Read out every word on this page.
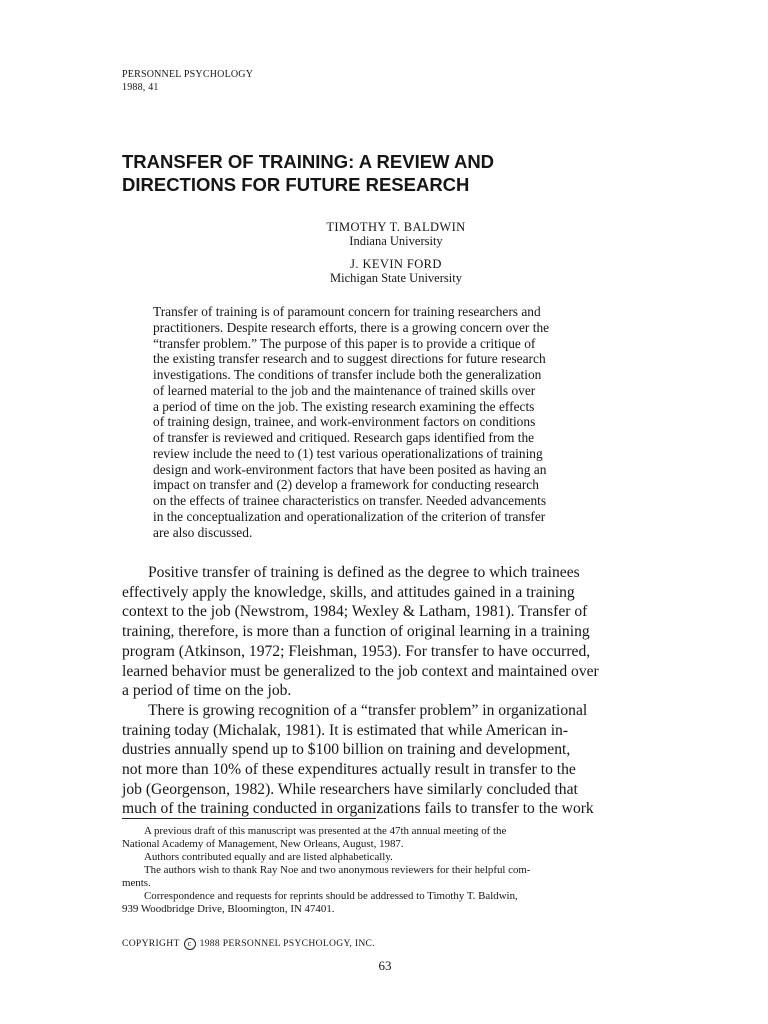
PERSONNEL PSYCHOLOGY
1988, 41
TRANSFER OF TRAINING: A REVIEW AND
DIRECTIONS FOR FUTURE RESEARCH
TIMOTHY T. BALDWIN
Indiana University
J. KEVIN FORD
Michigan State University

Transfer of training is of paramount concern for training researchers and
practitioners. Despite research efforts, there is a growing concern over the
“transfer problem.” The purpose of this paper is to provide a critique of
the existing transfer research and to suggest directions for future research
investigations. The conditions of transfer include both the generalization
of learned material to the job and the maintenance of trained skills over
a period of time on the job. The existing research examining the effects
of training design, trainee, and work-environment factors on conditions
of transfer is reviewed and critiqued. Research gaps identified from the
review include the need to (1) test various operationalizations of training
design and work-environment factors that have been posited as having an
impact on transfer and (2) develop a framework for conducting research
on the effects of trainee characteristics on transfer. Needed advancements
in the conceptualization and operationalization of the criterion of transfer
are also discussed.

Positive transfer of training is defined as the degree to which trainees
effectively apply the knowledge, skills, and attitudes gained in a training
context to the job (Newstrom, 1984; Wexley & Latham, 1981). Transfer of
training, therefore, is more than a function of original learning in a training
program (Atkinson, 1972; Fleishman, 1953). For transfer to have occurred,
learned behavior must be generalized to the job context and maintained over
a period of time on the job.
There is growing recognition of a “transfer problem” in organizational
training today (Michalak, 1981). It is estimated that while American in-
dustries annually spend up to $100 billion on training and development,
not more than 10% of these expenditures actually result in transfer to the
job (Georgenson, 1982). While researchers have similarly concluded that
much of the training conducted in organizations fails to transfer to the work
A previous draft of this manuscript was presented at the 47th annual meeting of the
National Academy of Management, New Orleans, August, 1987.
Authors contributed equally and are listed alphabetically.
The authors wish to thank Ray Noe and two anonymous reviewers for their helpful com-
ments.
Correspondence and requests for reprints should be addressed to Timothy T. Baldwin,
939 Woodbridge Drive, Bloomington, IN 47401.
COPYRIGHT	c 1988 PERSONNEL PSYCHOLOGY, INC.
63
